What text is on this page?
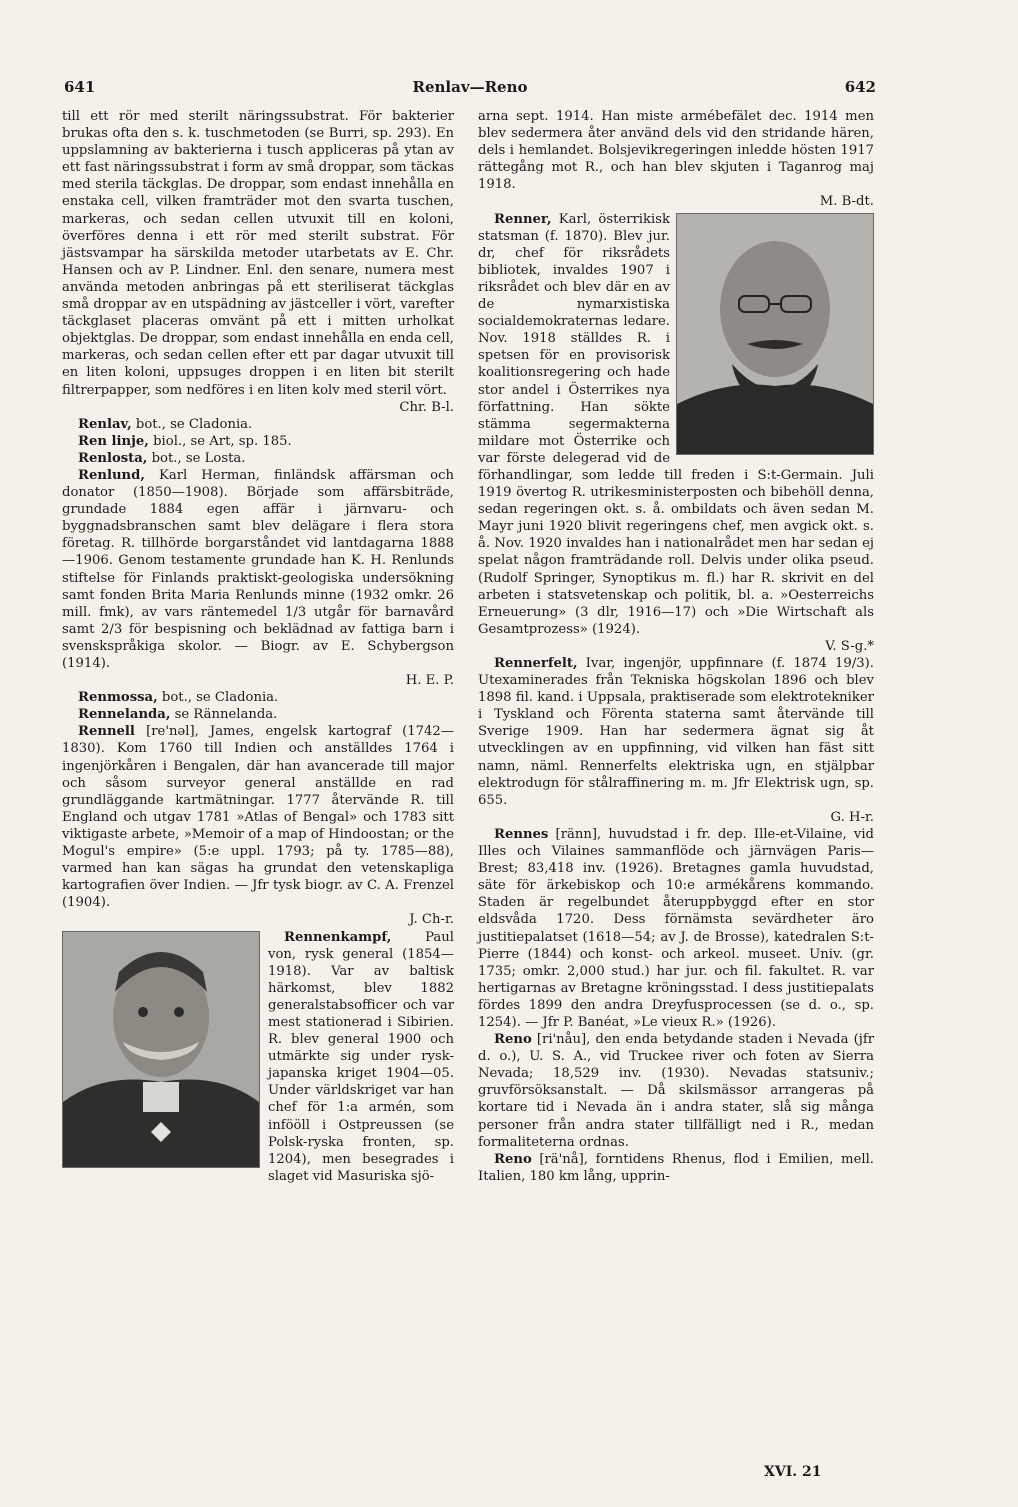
641	Renlav—Reno	642

till ett rör med sterilt näringssubstrat. För bakterier brukas ofta den s. k. tuschmetoden (se Burri, sp. 293). En uppslamning av bakterierna i tusch appliceras på ytan av ett fast näringssubstrat i form av små droppar, som täckas med sterila täckglas. De droppar, som endast innehålla en enstaka cell, vilken framträder mot den svarta tuschen, markeras, och sedan cellen utvuxit till en koloni, överföres denna i ett rör med sterilt substrat. För jästsvampar ha särskilda metoder utarbetats av E. Chr. Hansen och av P. Lindner. Enl. den senare, numera mest använda metoden anbringas på ett steriliserat täckglas små droppar av en utspädning av jästceller i vört, varefter täckglaset placeras omvänt på ett i mitten urholkat objektglas. De droppar, som endast innehålla en enda cell, markeras, och sedan cellen efter ett par dagar utvuxit till en liten koloni, uppsuges droppen i en liten bit sterilt filtrerpapper, som nedföres i en liten kolv med steril vört.
Chr. B-l.

Renlav, bot., se Cladonia.

Ren linje, biol., se Art, sp. 185.

Renlosta, bot., se Losta.

Renlund, Karl Herman, finländsk affärsman och donator (1850—1908). Började som affärsbiträde, grundade 1884 egen affär i järnvaru- och byggnadsbranschen samt blev delägare i flera stora företag. R. tillhörde borgarståndet vid lantdagarna 1888—1906. Genom testamente grundade han K. H. Renlunds stiftelse för Finlands praktiskt-geologiska undersökning samt fonden Brita Maria Renlunds minne (1932 omkr. 26 mill. fmk), av vars räntemedel 1/3 utgår för barnavård samt 2/3 för bespisning och beklädnad av fattiga barn i svenskspråkiga skolor. — Biogr. av E. Schybergson (1914).
H. E. P.

Renmossa, bot., se Cladonia.

Rennelanda, se Rännelanda.

Rennell [re'nəl], James, engelsk kartograf (1742—1830). Kom 1760 till Indien och anställdes 1764 i ingenjörkåren i Bengalen, där han avancerade till major och såsom surveyor general anställde en rad grundläggande kartmätningar. 1777 återvände R. till England och utgav 1781 »Atlas of Bengal» och 1783 sitt viktigaste arbete, »Memoir of a map of Hindoostan; or the Mogul's empire» (5:e uppl. 1793; på ty. 1785—88), varmed han kan sägas ha grundat den vetenskapliga kartografien över Indien. — Jfr tysk biogr. av C. A. Frenzel (1904).
J. Ch-r.

Rennenkampf,	Paul von, rysk general (1854—1918). Var av baltisk härkomst, blev 1882 generalstabsofficer och var mest stationerad i Sibirien. R. blev general 1900 och utmärkte sig under rysk-japanska kriget 1904—05. Under världskriget var han chef för 1:a armén, som infööll i Ostpreussen (se Polsk-ryska fronten, sp. 1204), men besegrades i slaget vid Masuriska sjö-

arna sept. 1914. Han miste armébefälet dec. 1914 men blev sedermera åter använd dels vid den stridande hären, dels i hemlandet. Bolsjevikregeringen inledde hösten 1917 rättegång mot R., och han blev skjuten i Taganrog maj 1918.
M. B-dt.

Renner, Karl, österrikisk statsman (f. 1870). Blev jur. dr, chef för riksrådets bibliotek, invaldes 1907 i riksrådet och blev där en av de nymarxistiska socialdemokraternas ledare. Nov. 1918 ställdes R. i spetsen för en provisorisk koalitionsregering och hade stor andel i Österrikes nya författning. Han sökte stämma segermakterna mildare mot Österrike och var förste delegerad vid de förhandlingar, som ledde till freden i S:t-Germain. Juli 1919 övertog R. utrikesministerposten och bibehöll denna, sedan regeringen okt. s. å. ombildats och även sedan M. Mayr juni 1920 blivit regeringens chef, men avgick okt. s. å. Nov. 1920 invaldes han i nationalrådet men har sedan ej spelat någon framträdande roll. Delvis under olika pseud. (Rudolf Springer, Synoptikus m. fl.) har R. skrivit en del arbeten i statsvetenskap och politik, bl. a. »Oesterreichs Erneuerung» (3 dlr, 1916—17) och »Die Wirtschaft als Gesamtprozess» (1924).
V. S-g.*

Rennerfelt, Ivar, ingenjör, uppfinnare (f. 1874 19/3). Utexaminerades från Tekniska högskolan 1896 och blev 1898 fil. kand. i Uppsala, praktiserade som elektrotekniker i Tyskland och Förenta staterna samt återvände till Sverige 1909. Han har sedermera ägnat sig åt utvecklingen av en uppfinning, vid vilken han fäst sitt namn, näml. Rennerfelts elektriska ugn, en stjälpbar elektrodugn för stålraffinering m. m. Jfr Elektrisk ugn, sp. 655.
G. H-r.

Rennes [ränn], huvudstad i fr. dep. Ille-et-Vilaine, vid Illes och Vilaines sammanflöde och järnvägen Paris—Brest; 83,418 inv. (1926). Bretagnes gamla huvudstad, säte för ärkebiskop och 10:e armékårens kommando. Staden är regelbundet återuppbyggd efter en stor eldsvåda 1720. Dess förnämsta sevärdheter äro justitiepalatset (1618—54; av J. de Brosse), katedralen S:t-Pierre (1844) och konst- och arkeol. museet. Univ. (gr. 1735; omkr. 2,000 stud.) har jur. och fil. fakultet. R. var hertigarnas av Bretagne kröningsstad. I dess justitiepalats fördes 1899 den andra Dreyfusprocessen (se d. o., sp. 1254). — Jfr P. Banéat, »Le vieux R.» (1926).

Reno [ri'nåu], den enda betydande staden i Nevada (jfr d. o.), U. S. A., vid Truckee river och foten av Sierra Nevada; 18,529 inv. (1930). Nevadas statsuniv.; gruvförsöksanstalt. — Då skilsmässor arrangeras på kortare tid i Nevada än i andra stater, slå sig många personer från andra stater tillfälligt ned i R., medan formaliteterna ordnas.

Reno [rä'nå], forntidens Rhenus, flod i Emilien, mell. Italien, 180 km lång, upprin-

XVI. 21
